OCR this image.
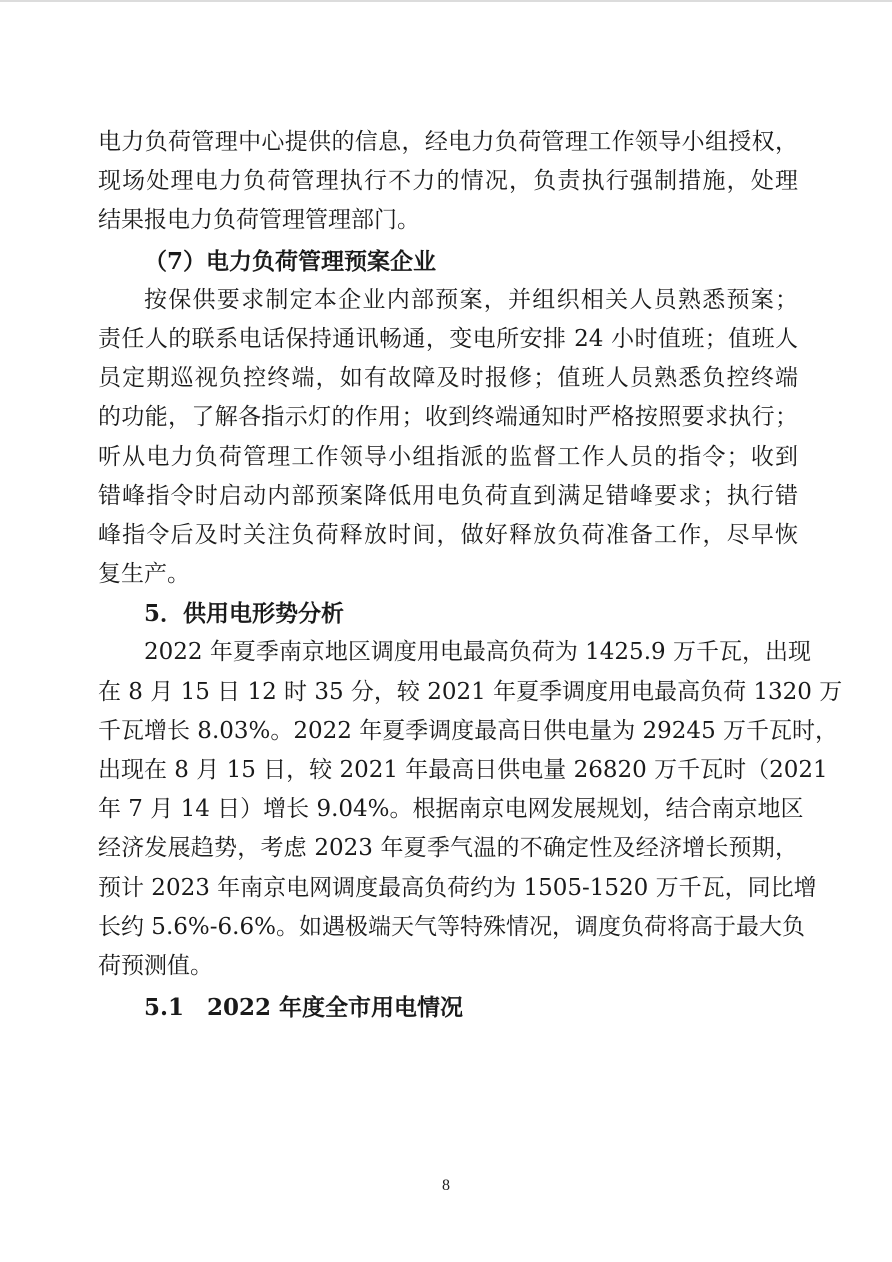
电力负荷管理中心提供的信息，经电力负荷管理工作领导小组授权，
现场处理电力负荷管理执行不力的情况，负责执行强制措施，处理
结果报电力负荷管理管理部门。
（7）电力负荷管理预案企业
按保供要求制定本企业内部预案，并组织相关人员熟悉预案；
责任人的联系电话保持通讯畅通，变电所安排 24 小时值班；值班人
员定期巡视负控终端，如有故障及时报修；值班人员熟悉负控终端
的功能，了解各指示灯的作用；收到终端通知时严格按照要求执行；
听从电力负荷管理工作领导小组指派的监督工作人员的指令；收到
错峰指令时启动内部预案降低用电负荷直到满足错峰要求；执行错
峰指令后及时关注负荷释放时间，做好释放负荷准备工作，尽早恢
复生产。
5．供用电形势分析
2022 年夏季南京地区调度用电最高负荷为 1425.9 万千瓦，出现
在 8 月 15 日 12 时 35 分，较 2021 年夏季调度用电最高负荷 1320 万
千瓦增长 8.03%。2022 年夏季调度最高日供电量为 29245 万千瓦时，
出现在 8 月 15 日，较 2021 年最高日供电量 26820 万千瓦时（2021
年 7 月 14 日）增长 9.04%。根据南京电网发展规划，结合南京地区
经济发展趋势，考虑 2023 年夏季气温的不确定性及经济增长预期，
预计 2023 年南京电网调度最高负荷约为 1505-1520 万千瓦，同比增
长约 5.6%-6.6%。如遇极端天气等特殊情况，调度负荷将高于最大负
荷预测值。
5.1　2022 年度全市用电情况
8
